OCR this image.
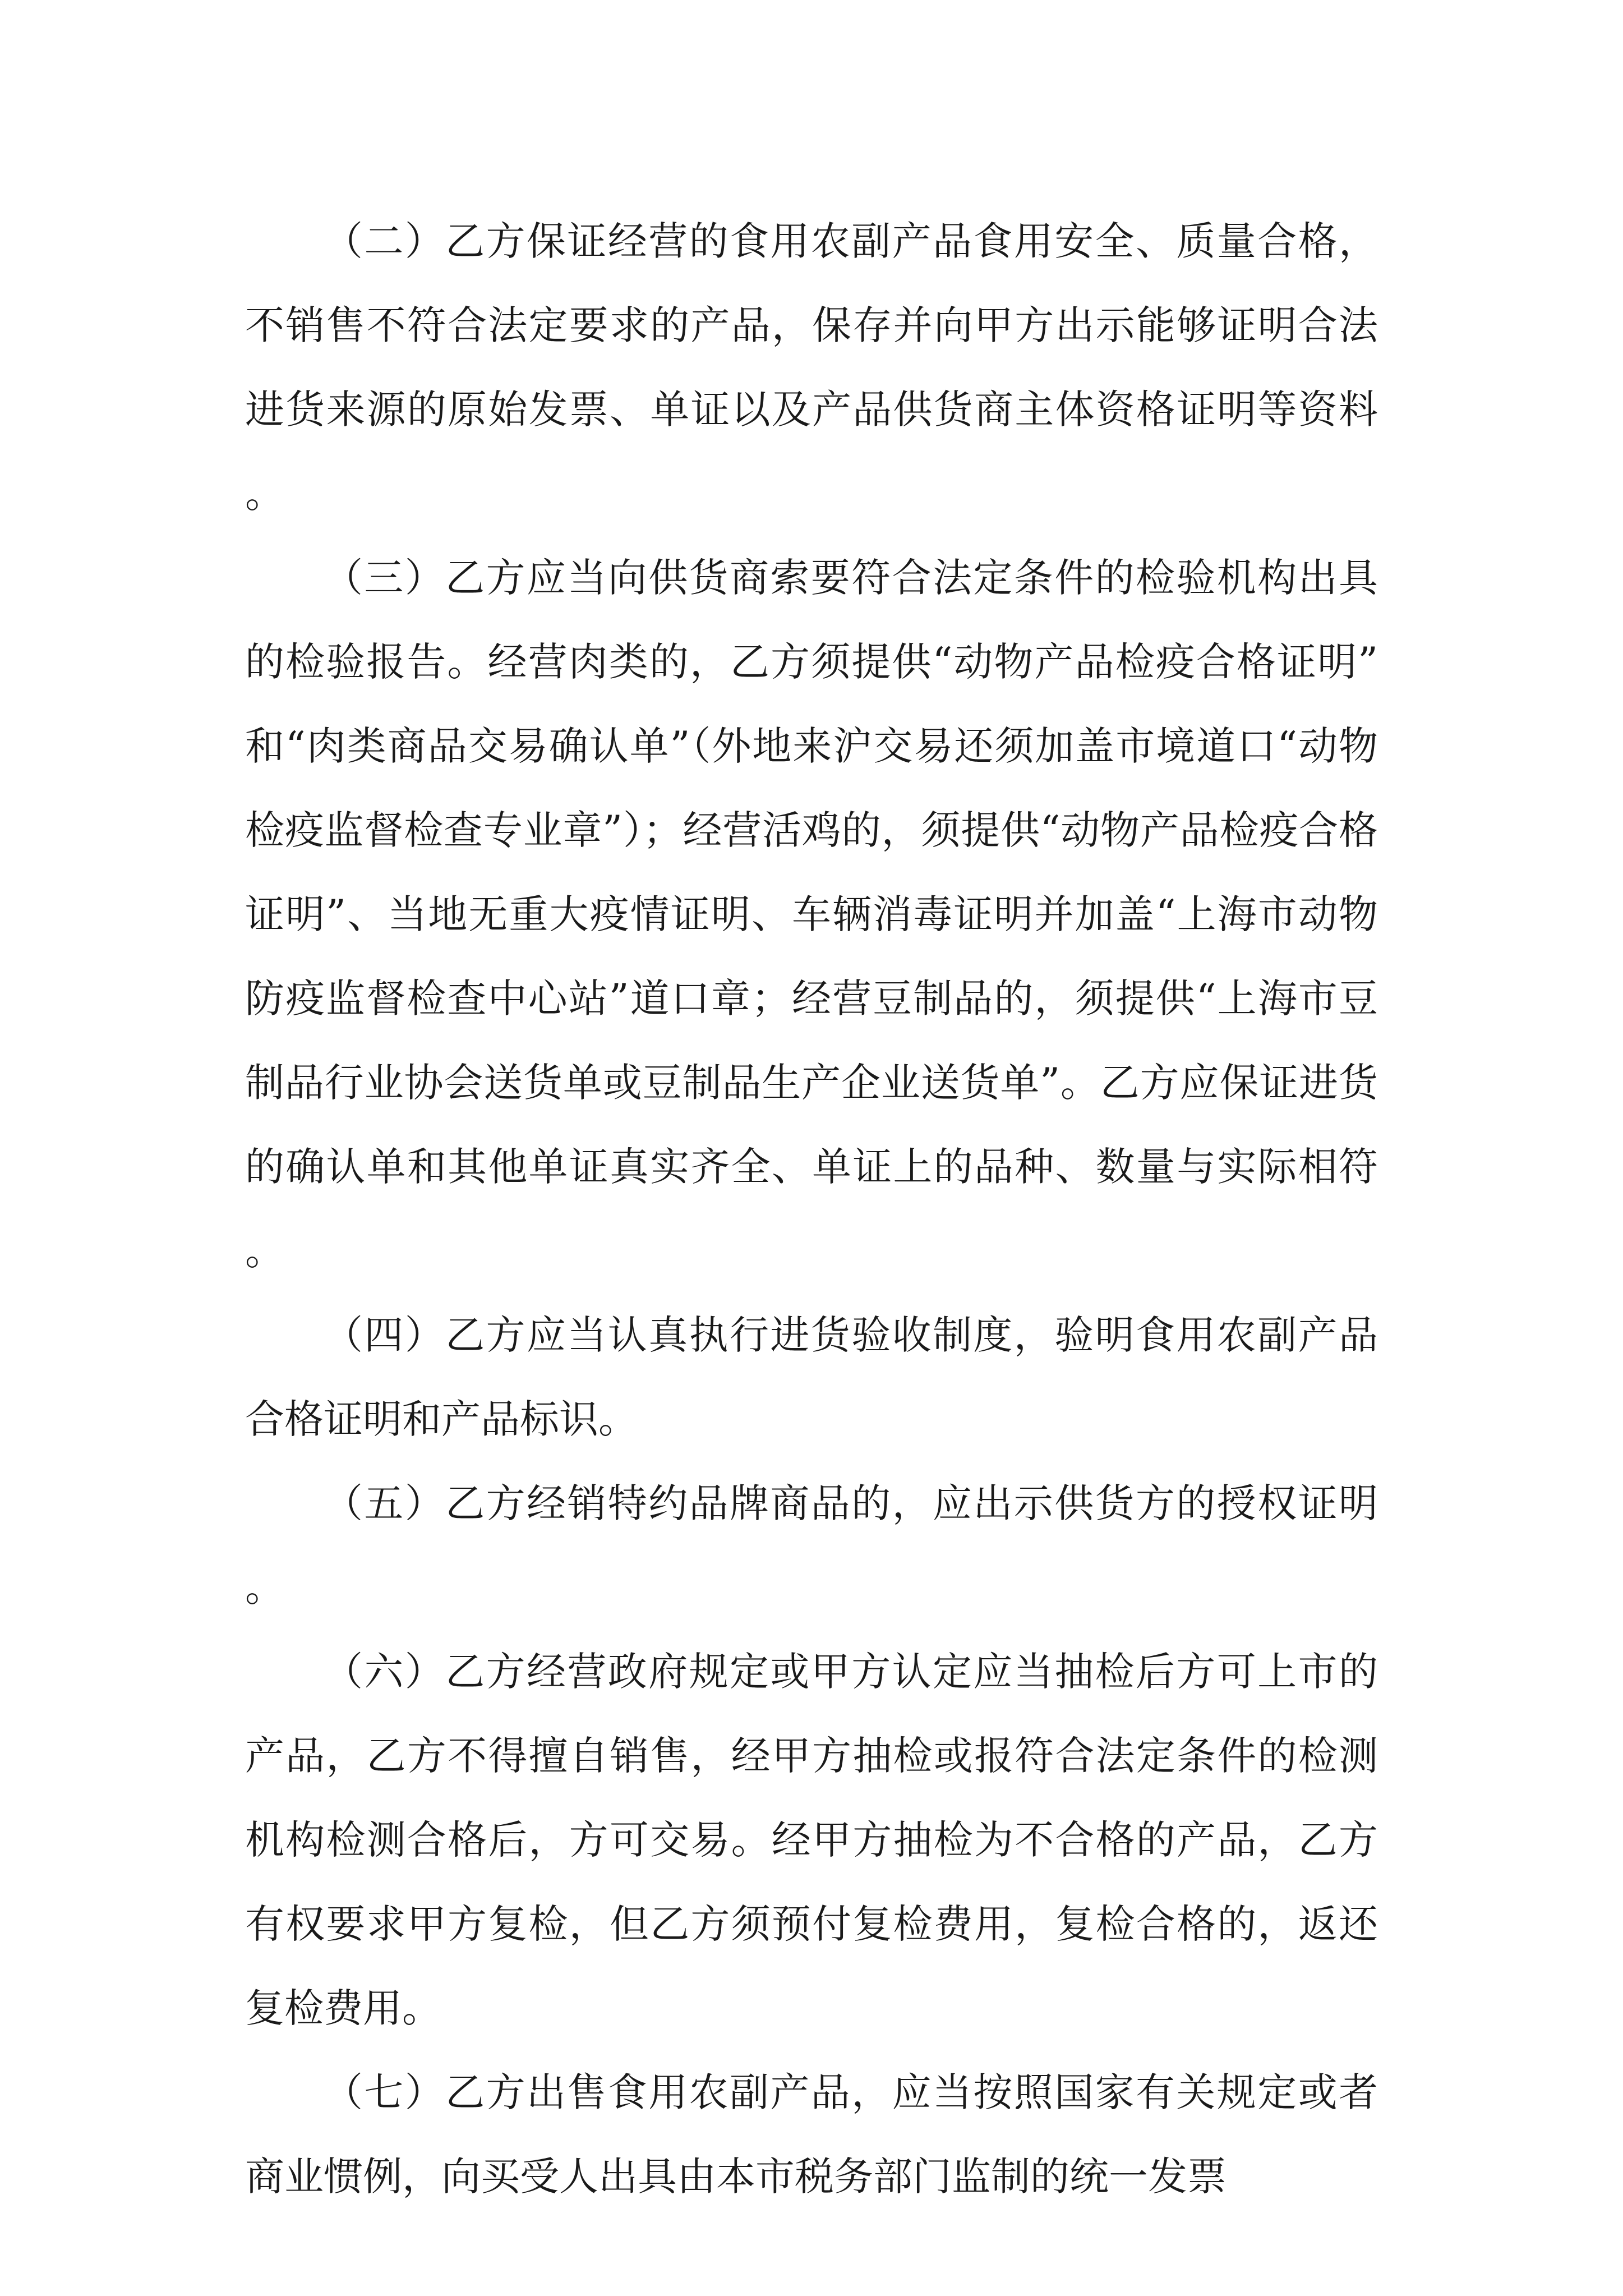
（二）乙方保证经营的食用农副产品食用安全、质量合格，不销售不符合法定要求的产品，保存并向甲方出示能够证明合法进货来源的原始发票、单证以及产品供货商主体资格证明等资料。

（三）乙方应当向供货商索要符合法定条件的检验机构出具的检验报告。经营肉类的，乙方须提供“动物产品检疫合格证明”和“肉类商品交易确认单”（外地来沪交易还须加盖市境道口“动物检疫监督检查专业章”）；经营活鸡的，须提供“动物产品检疫合格证明”、当地无重大疫情证明、车辆消毒证明并加盖“上海市动物防疫监督检查中心站”道口章；经营豆制品的，须提供“上海市豆制品行业协会送货单或豆制品生产企业送货单”。乙方应保证进货的确认单和其他单证真实齐全、单证上的品种、数量与实际相符。

（四）乙方应当认真执行进货验收制度，验明食用农副产品合格证明和产品标识。

（五）乙方经销特约品牌商品的，应出示供货方的授权证明。

（六）乙方经营政府规定或甲方认定应当抽检后方可上市的产品，乙方不得擅自销售，经甲方抽检或报符合法定条件的检测机构检测合格后，方可交易。经甲方抽检为不合格的产品，乙方有权要求甲方复检，但乙方须预付复检费用，复检合格的，返还复检费用。

（七）乙方出售食用农副产品，应当按照国家有关规定或者商业惯例，向买受人出具由本市税务部门监制的统一发票
